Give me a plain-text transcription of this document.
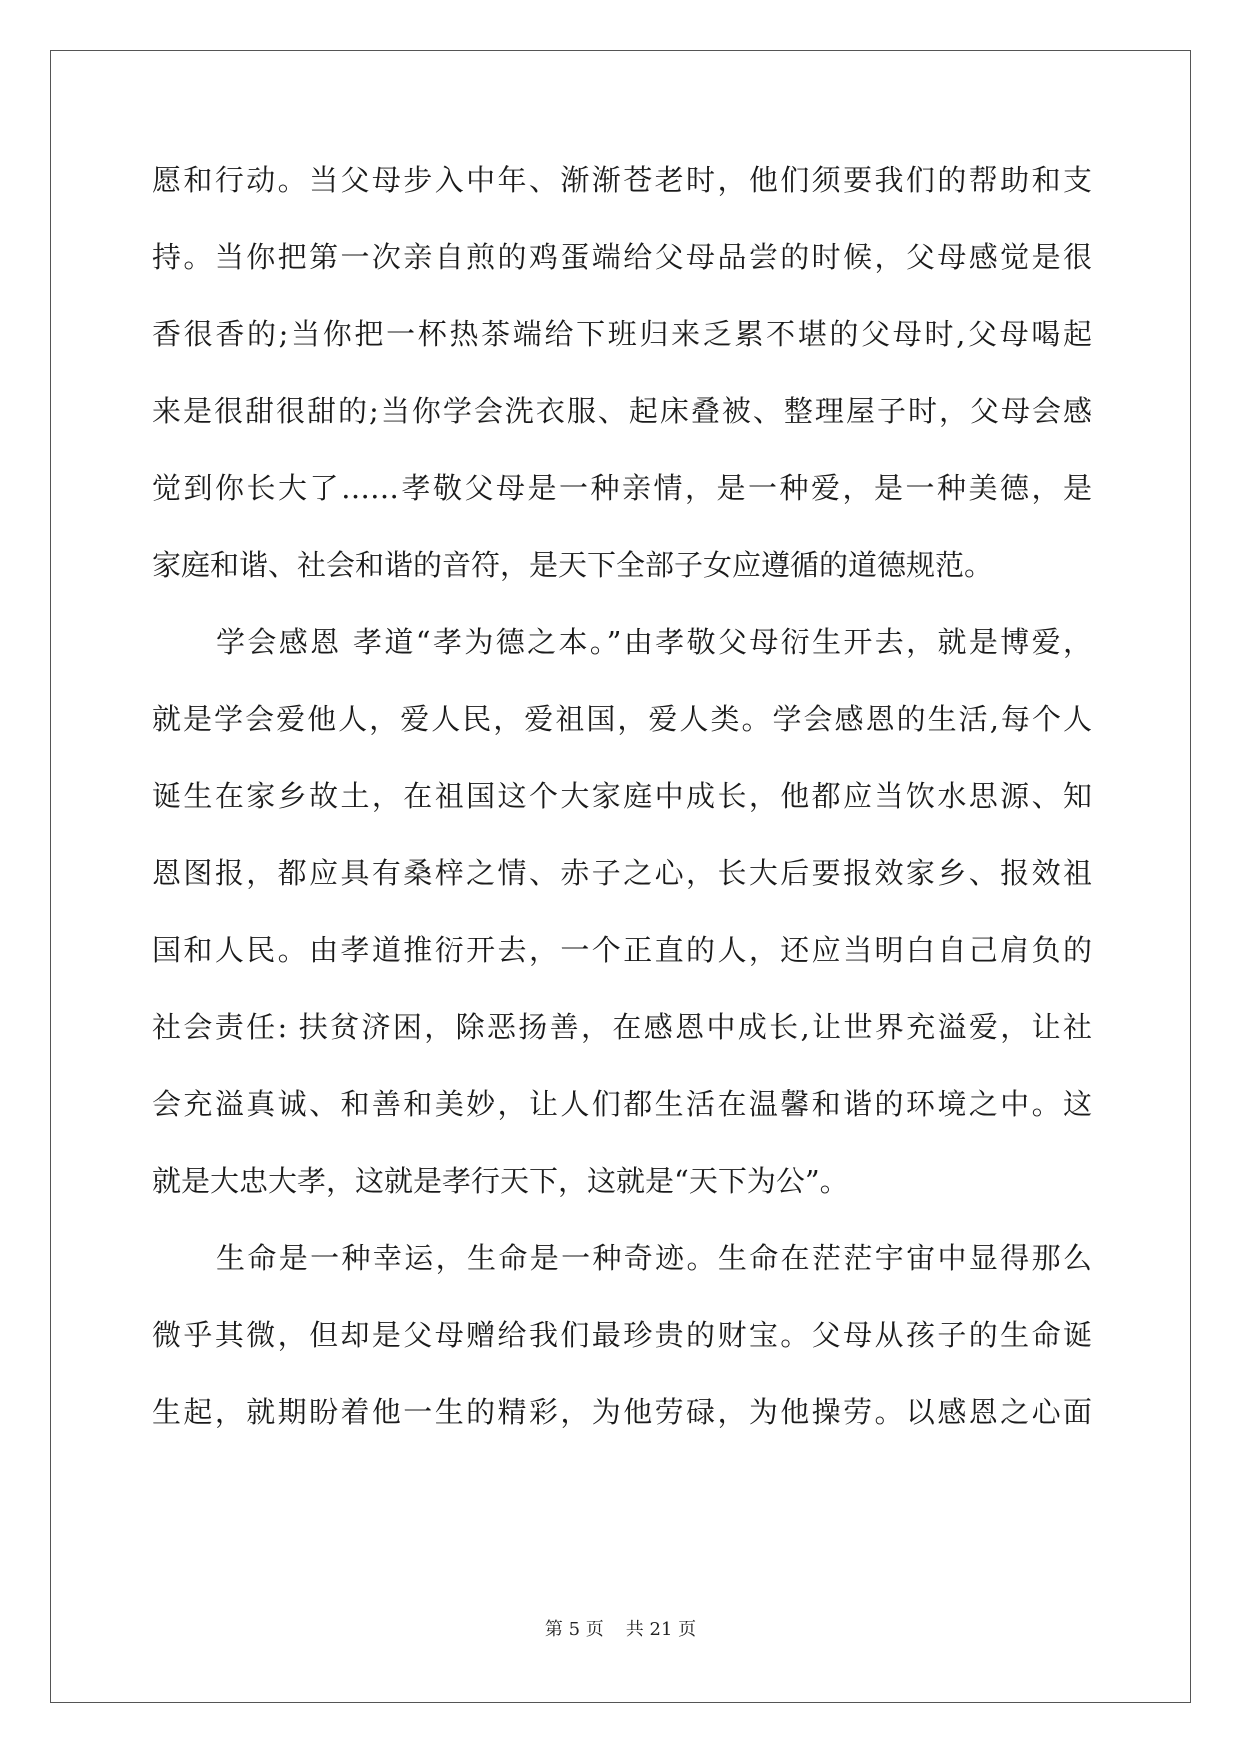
愿和行动。当父母步入中年、渐渐苍老时，他们须要我们的帮助和支
持。当你把第一次亲自煎的鸡蛋端给父母品尝的时候，父母感觉是很
香很香的;当你把一杯热茶端给下班归来乏累不堪的父母时,父母喝起
来是很甜很甜的;当你学会洗衣服、起床叠被、整理屋子时，父母会感
觉到你长大了……孝敬父母是一种亲情，是一种爱，是一种美德，是
家庭和谐、社会和谐的音符，是天下全部子女应遵循的道德规范。
学会感恩 孝道“孝为德之本。”由孝敬父母衍生开去，就是博爱，
就是学会爱他人，爱人民，爱祖国，爱人类。学会感恩的生活,每个人
诞生在家乡故土，在祖国这个大家庭中成长，他都应当饮水思源、知
恩图报，都应具有桑梓之情、赤子之心，长大后要报效家乡、报效祖
国和人民。由孝道推衍开去，一个正直的人，还应当明白自己肩负的
社会责任: 扶贫济困，除恶扬善，在感恩中成长,让世界充溢爱，让社
会充溢真诚、和善和美妙，让人们都生活在温馨和谐的环境之中。这
就是大忠大孝，这就是孝行天下，这就是“天下为公”。
生命是一种幸运，生命是一种奇迹。生命在茫茫宇宙中显得那么
微乎其微，但却是父母赠给我们最珍贵的财宝。父母从孩子的生命诞
生起，就期盼着他一生的精彩，为他劳碌，为他操劳。以感恩之心面
第 5 页 共 21 页
